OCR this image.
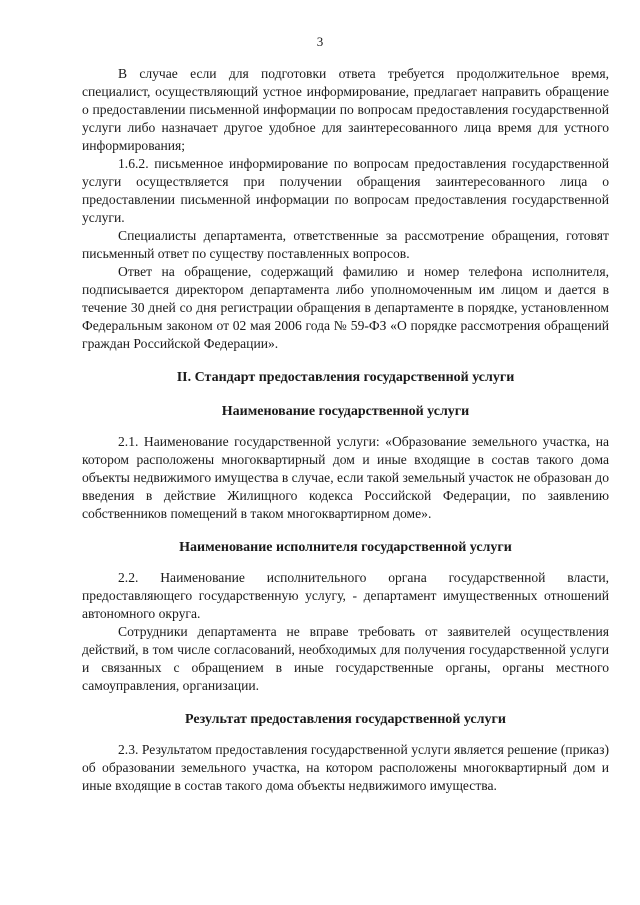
3

В случае если для подготовки ответа требуется продолжительное время, специалист, осуществляющий устное информирование, предлагает направить обращение о предоставлении письменной информации по вопросам предоставления государственной услуги либо назначает другое удобное для заинтересованного лица время для устного информирования;

1.6.2. письменное информирование по вопросам предоставления государственной услуги осуществляется при получении обращения заинтересованного лица о предоставлении письменной информации по вопросам предоставления государственной услуги.

Специалисты департамента, ответственные за рассмотрение обращения, готовят письменный ответ по существу поставленных вопросов.

Ответ на обращение, содержащий фамилию и номер телефона исполнителя, подписывается директором департамента либо уполномоченным им лицом и дается в течение 30 дней со дня регистрации обращения в департаменте в порядке, установленном Федеральным законом от 02 мая 2006 года № 59-ФЗ «О порядке рассмотрения обращений граждан Российской Федерации».

II. Стандарт предоставления государственной услуги

Наименование государственной услуги

2.1. Наименование государственной услуги: «Образование земельного участка, на котором расположены многоквартирный дом и иные входящие в состав такого дома объекты недвижимого имущества в случае, если такой земельный участок не образован до введения в действие Жилищного кодекса Российской Федерации, по заявлению собственников помещений в таком многоквартирном доме».

Наименование исполнителя государственной услуги

2.2. Наименование исполнительного органа государственной власти, предоставляющего государственную услугу, - департамент имущественных отношений автономного округа.

Сотрудники департамента не вправе требовать от заявителей осуществления действий, в том числе согласований, необходимых для получения государственной услуги и связанных с обращением в иные государственные органы, органы местного самоуправления, организации.

Результат предоставления государственной услуги

2.3. Результатом предоставления государственной услуги является решение (приказ) об образовании земельного участка, на котором расположены многоквартирный дом и иные входящие в состав такого дома объекты недвижимого имущества.
